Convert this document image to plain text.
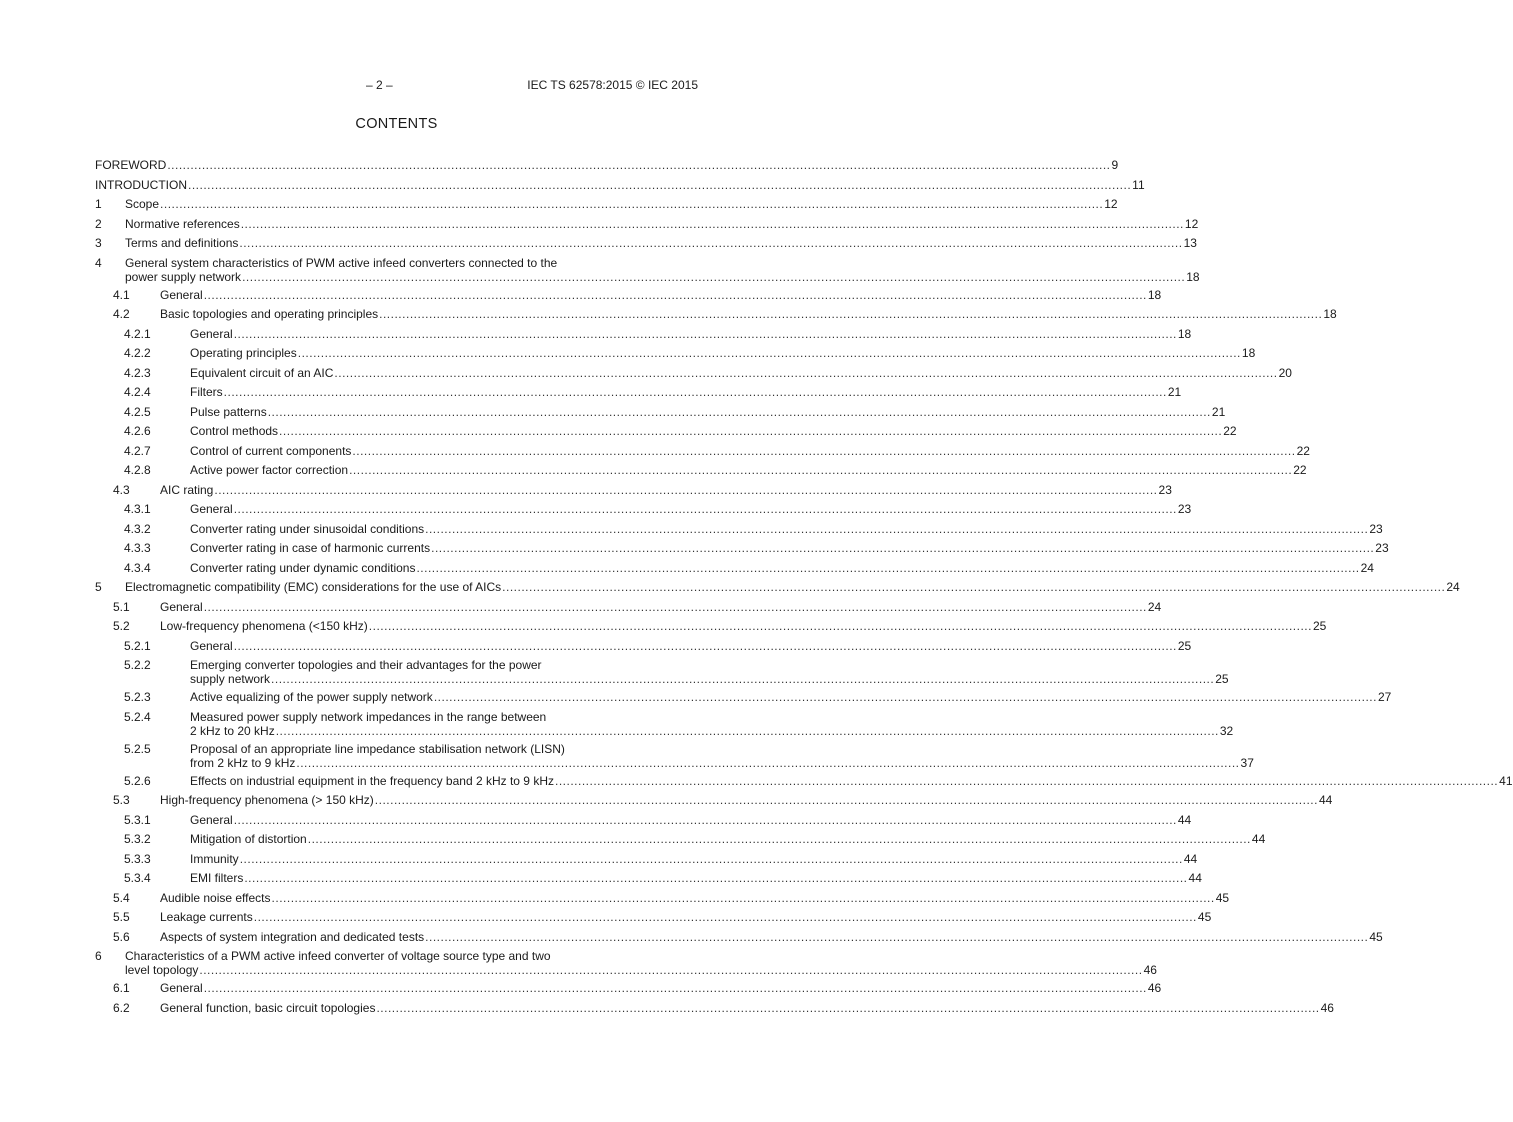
– 2 –	IEC TS 62578:2015 © IEC 2015
CONTENTS
FOREWORD .....	9
INTRODUCTION .....	11
1	Scope .....	12
2	Normative references .....	12
3	Terms and definitions .....	13
4	General system characteristics of PWM active infeed converters connected to the
power supply network .....	18
4.1	General .....	18
4.2	Basic topologies and operating principles .....	18
4.2.1	General .....	18
4.2.2	Operating principles .....	18
4.2.3	Equivalent circuit of an AIC .....	20
4.2.4	Filters .....	21
4.2.5	Pulse patterns .....	21
4.2.6	Control methods .....	22
4.2.7	Control of current components .....	22
4.2.8	Active power factor correction .....	22
4.3	AIC rating .....	23
4.3.1	General .....	23
4.3.2	Converter rating under sinusoidal conditions .....	23
4.3.3	Converter rating in case of harmonic currents .....	23
4.3.4	Converter rating under dynamic conditions .....	24
5	Electromagnetic compatibility (EMC) considerations for the use of AICs .....	24
5.1	General .....	24
5.2	Low-frequency phenomena (<150 kHz) .....	25
5.2.1	General .....	25
5.2.2	Emerging converter topologies and their advantages for the power
supply network .....	25
5.2.3	Active equalizing of the power supply network .....	27
5.2.4	Measured power supply network impedances in the range between
2 kHz to 20 kHz .....	32
5.2.5	Proposal of an appropriate line impedance stabilisation network (LISN)
from 2 kHz to 9 kHz .....	37
5.2.6	Effects on industrial equipment in the frequency band 2 kHz to 9 kHz .....	41
5.3	High-frequency phenomena (> 150 kHz) .....	44
5.3.1	General .....	44
5.3.2	Mitigation of distortion .....	44
5.3.3	Immunity .....	44
5.3.4	EMI filters .....	44
5.4	Audible noise effects .....	45
5.5	Leakage currents .....	45
5.6	Aspects of system integration and dedicated tests .....	45
6	Characteristics of a PWM active infeed converter of voltage source type and two
level topology .....	46
6.1	General .....	46
6.2	General function, basic circuit topologies .....	46
